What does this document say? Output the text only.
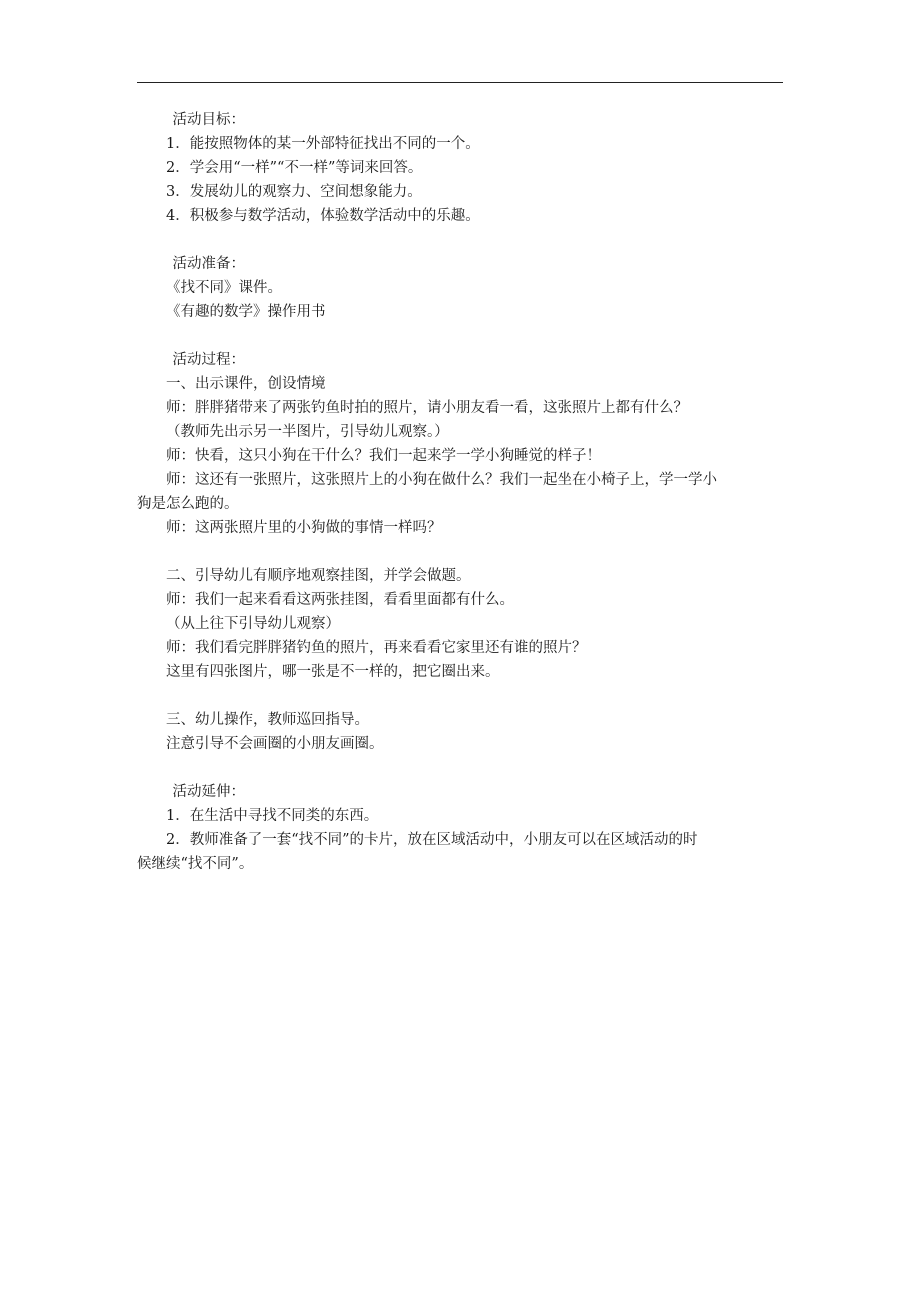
活动目标：

1．能按照物体的某一外部特征找出不同的一个。

2．学会用“一样”“不一样”等词来回答。

3．发展幼儿的观察力、空间想象能力。

4．积极参与数学活动，体验数学活动中的乐趣。

活动准备：

《找不同》课件。

《有趣的数学》操作用书

活动过程：

一、出示课件，创设情境

师：胖胖猪带来了两张钓鱼时拍的照片，请小朋友看一看，这张照片上都有什么？

（教师先出示另一半图片，引导幼儿观察。）

师：快看，这只小狗在干什么？我们一起来学一学小狗睡觉的样子！

师：这还有一张照片，这张照片上的小狗在做什么？我们一起坐在小椅子上，学一学小

狗是怎么跑的。

师：这两张照片里的小狗做的事情一样吗？

二、引导幼儿有顺序地观察挂图，并学会做题。

师：我们一起来看看这两张挂图，看看里面都有什么。

（从上往下引导幼儿观察）

师：我们看完胖胖猪钓鱼的照片，再来看看它家里还有谁的照片？

这里有四张图片，哪一张是不一样的，把它圈出来。

三、幼儿操作，教师巡回指导。

注意引导不会画圈的小朋友画圈。

活动延伸：

1．在生活中寻找不同类的东西。

2．教师准备了一套“找不同”的卡片，放在区域活动中，小朋友可以在区域活动的时

候继续“找不同”。
